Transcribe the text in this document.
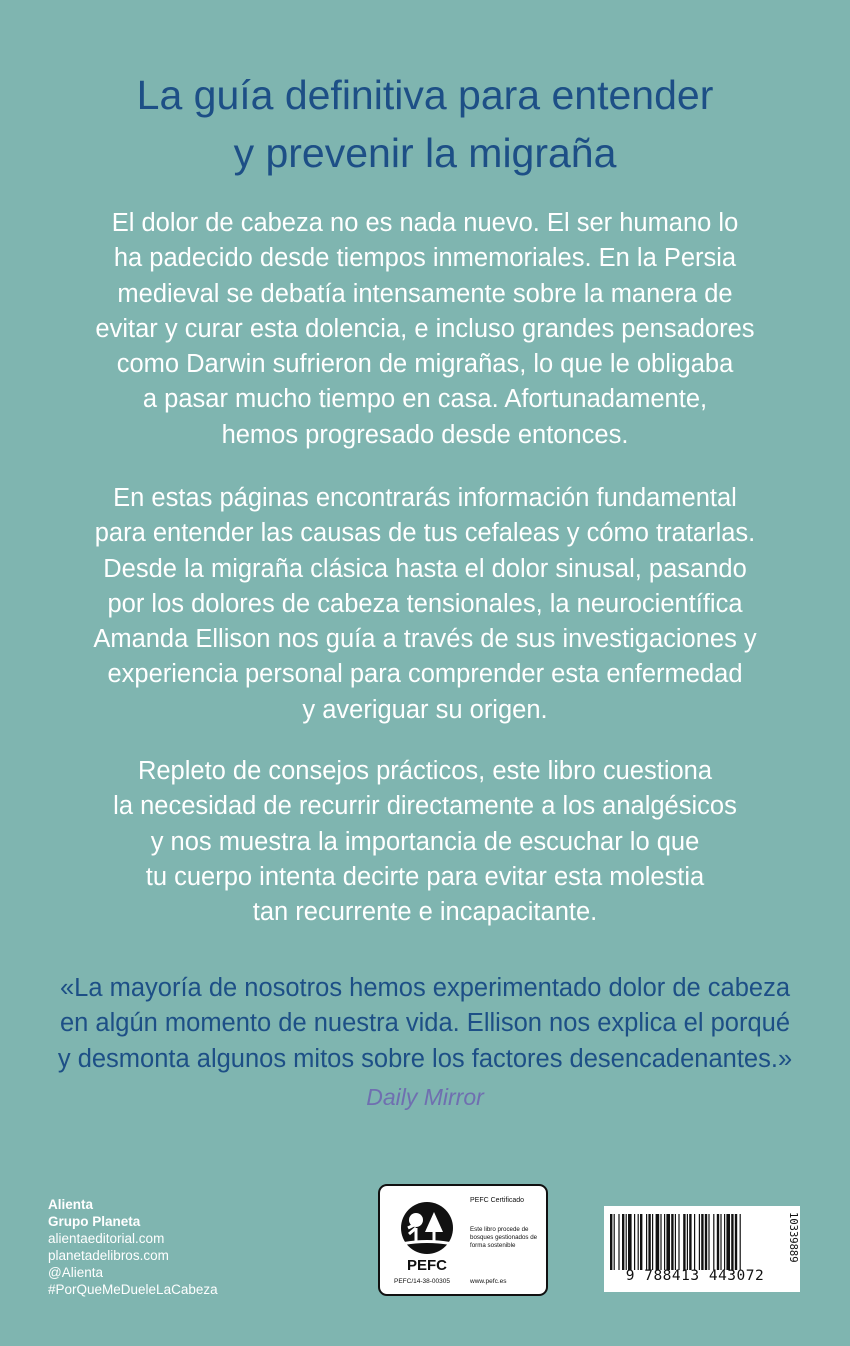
La guía definitiva para entender
y prevenir la migraña
El dolor de cabeza no es nada nuevo. El ser humano lo
ha padecido desde tiempos inmemoriales. En la Persia
medieval se debatía intensamente sobre la manera de
evitar y curar esta dolencia, e incluso grandes pensadores
como Darwin sufrieron de migrañas, lo que le obligaba
a pasar mucho tiempo en casa. Afortunadamente,
hemos progresado desde entonces.
En estas páginas encontrarás información fundamental
para entender las causas de tus cefaleas y cómo tratarlas.
Desde la migraña clásica hasta el dolor sinusal, pasando
por los dolores de cabeza tensionales, la neurocientífica
Amanda Ellison nos guía a través de sus investigaciones y
experiencia personal para comprender esta enfermedad
y averiguar su origen.
Repleto de consejos prácticos, este libro cuestiona
la necesidad de recurrir directamente a los analgésicos
y nos muestra la importancia de escuchar lo que
tu cuerpo intenta decirte para evitar esta molestia
tan recurrente e incapacitante.
«La mayoría de nosotros hemos experimentado dolor de cabeza
en algún momento de nuestra vida. Ellison nos explica el porqué
y desmonta algunos mitos sobre los factores desencadenantes.»
Daily Mirror
Alienta
Grupo Planeta
alientaeditorial.com
planetadelibros.com
@Alienta
#PorQueMeDueleLaCabeza
PEFC
PEFC Certificado
Este libro procede de bosques gestionados de forma sostenible
PEFC/14-38-00305	www.pefc.es	9 788413 443072
10339889
